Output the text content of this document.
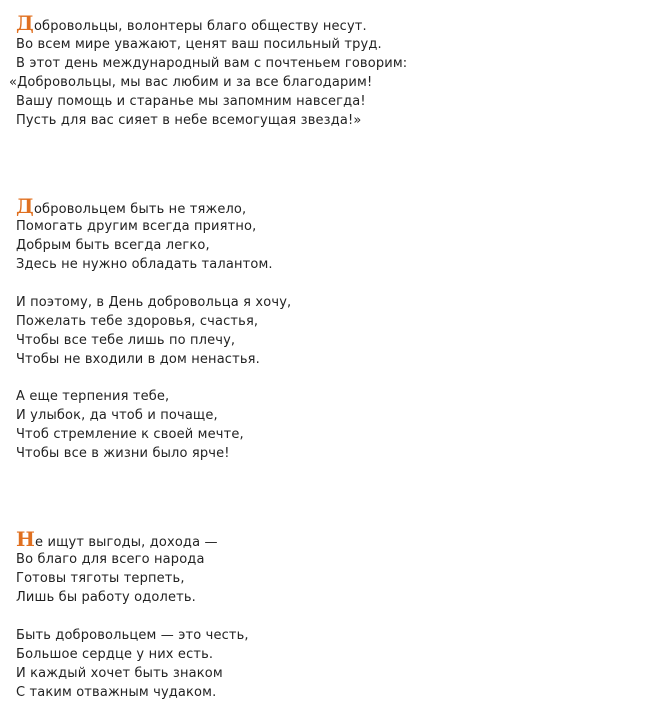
Добровольцы, волонтеры благо обществу несут.
Во всем мире уважают, ценят ваш посильный труд.
В этот день международный вам с почтеньем говорим:
«Добровольцы, мы вас любим и за все благодарим!
Вашу помощь и старанье мы запомним навсегда!
Пусть для вас сияет в небе всемогущая звезда!»
Добровольцем быть не тяжело,
Помогать другим всегда приятно,
Добрым быть всегда легко,
Здесь не нужно обладать талантом.
И поэтому, в День добровольца я хочу,
Пожелать тебе здоровья, счастья,
Чтобы все тебе лишь по плечу,
Чтобы не входили в дом ненастья.
А еще терпения тебе,
И улыбок, да чтоб и почаще,
Чтоб стремление к своей мечте,
Чтобы все в жизни было ярче!
Не ищут выгоды, дохода —
Во благо для всего народа
Готовы тяготы терпеть,
Лишь бы работу одолеть.
Быть добровольцем — это честь,
Большое сердце у них есть.
И каждый хочет быть знаком
С таким отважным чудаком.
